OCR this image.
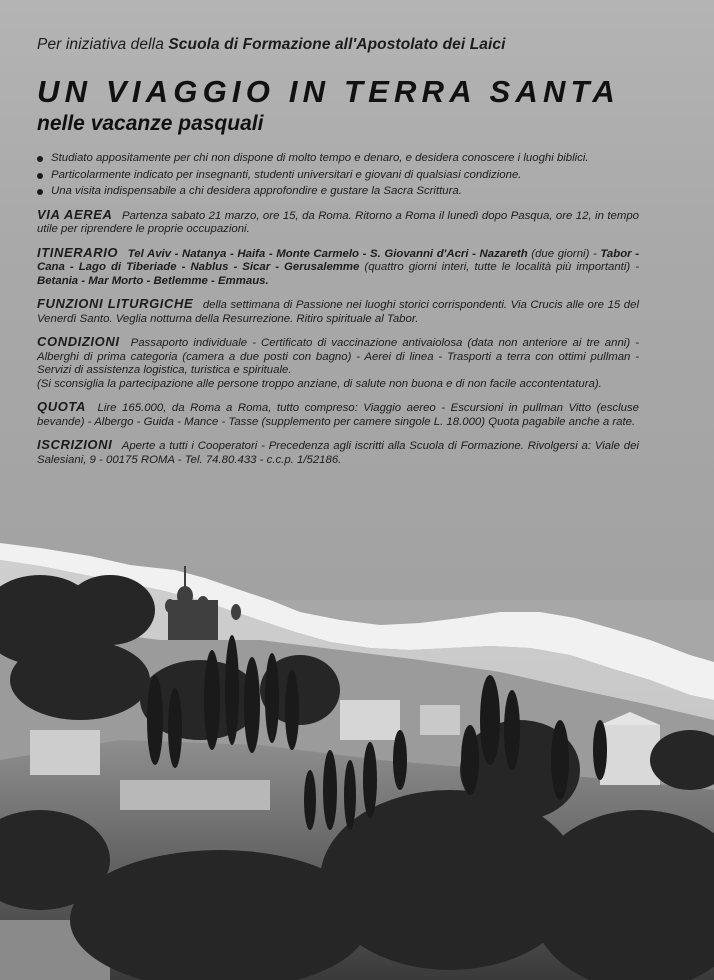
Per iniziativa della Scuola di Formazione all'Apostolato dei Laici

UN VIAGGIO IN TERRA SANTA
nelle vacanze pasquali
Studiato appositamente per chi non dispone di molto tempo e denaro, e desidera conoscere i luoghi biblici.
Particolarmente indicato per insegnanti, studenti universitari e giovani di qualsiasi condizione.
Una visita indispensabile a chi desidera approfondire e gustare la Sacra Scrittura.

VIA AEREA Partenza sabato 21 marzo, ore 15, da Roma. Ritorno a Roma il lunedì dopo Pasqua, ore 12, in tempo utile per riprendere le proprie occupazioni.

ITINERARIO Tel Aviv - Natanya - Haifa - Monte Carmelo - S. Giovanni d'Acri - Nazareth (due giorni) - Tabor - Cana - Lago di Tiberiade - Nablus - Sicar - Gerusalemme (quattro giorni interi, tutte le località più importanti) - Betania - Mar Morto - Betlemme - Emmaus.

FUNZIONI LITURGICHE della settimana di Passione nei luoghi storici corrispondenti. Via Crucis alle ore 15 del Venerdì Santo. Veglia notturna della Resurrezione. Ritiro spirituale al Tabor.

CONDIZIONI Passaporto individuale - Certificato di vaccinazione antivaiolosa (data non anteriore ai tre anni) - Alberghi di prima categoria (camera a due posti con bagno) - Aerei di linea - Trasporti a terra con ottimi pullman - Servizi di assistenza logistica, turistica e spirituale.
(Si sconsiglia la partecipazione alle persone troppo anziane, di salute non buona e di non facile accontentatura).

QUOTA Lire 165.000, da Roma a Roma, tutto compreso: Viaggio aereo - Escursioni in pullman Vitto (escluse bevande) - Albergo - Guida - Mance - Tasse (supplemento per camere singole L. 18.000) Quota pagabile anche a rate.

ISCRIZIONI Aperte a tutti i Cooperatori - Precedenza agli iscritti alla Scuola di Formazione. Rivolgersi a: Viale dei Salesiani, 9 - 00175 ROMA - Tel. 74.80.433 - c.c.p. 1/52186.
